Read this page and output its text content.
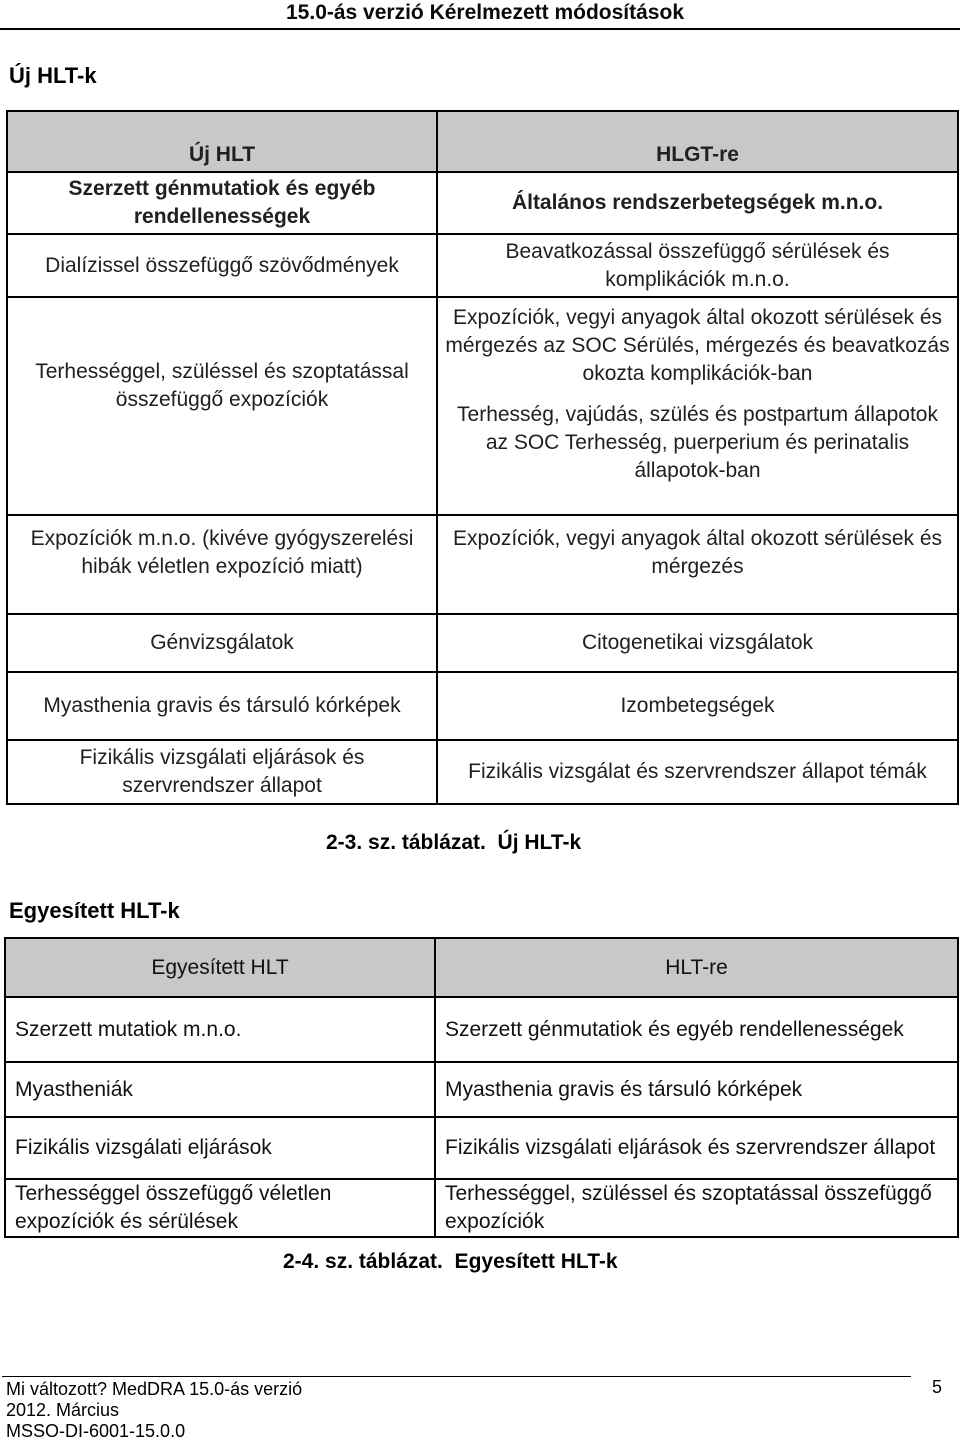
15.0-ás verzió Kérelmezett módosítások
Új HLT-k
Új HLT	HLGT-re
Szerzett génmutatiok és egyéb rendellenességek	Általános rendszerbetegségek m.n.o.
Dialízissel összefüggő szövődmények	Beavatkozással összefüggő sérülések és komplikációk m.n.o.
Terhességgel, szüléssel és szoptatással összefüggő expozíciók	Expozíciók, vegyi anyagok által okozott sérülések és mérgezés az SOC Sérülés, mérgezés és beavatkozás okozta komplikációk-ban
Terhesség, vajúdás, szülés és postpartum állapotok az SOC Terhesség, puerperium és perinatalis állapotok-ban

Expozíciók m.n.o. (kivéve gyógyszerelési hibák véletlen expozíció miatt)	Expozíciók, vegyi anyagok által okozott sérülések és mérgezés
Génvizsgálatok	Citogenetikai vizsgálatok
Myasthenia gravis és társuló kórképek	Izombetegségek
Fizikális vizsgálati eljárások és szervrendszer állapot	Fizikális vizsgálat és szervrendszer állapot témák
2-3. sz. táblázat.  Új HLT-k
Egyesített HLT-k
Egyesített HLT	HLT-re
Szerzett mutatiok m.n.o.	Szerzett génmutatiok és egyéb rendellenességek
Myastheniák	Myasthenia gravis és társuló kórképek
Fizikális vizsgálati eljárások	Fizikális vizsgálati eljárások és szervrendszer állapot
Terhességgel összefüggő véletlen expozíciók és sérülések	Terhességgel, szüléssel és szoptatással összefüggő expozíciók
2-4. sz. táblázat.  Egyesített HLT-k
Mi változott? MedDRA 15.0-ás verzió
2012. Március
MSSO-DI-6001-15.0.0
5
